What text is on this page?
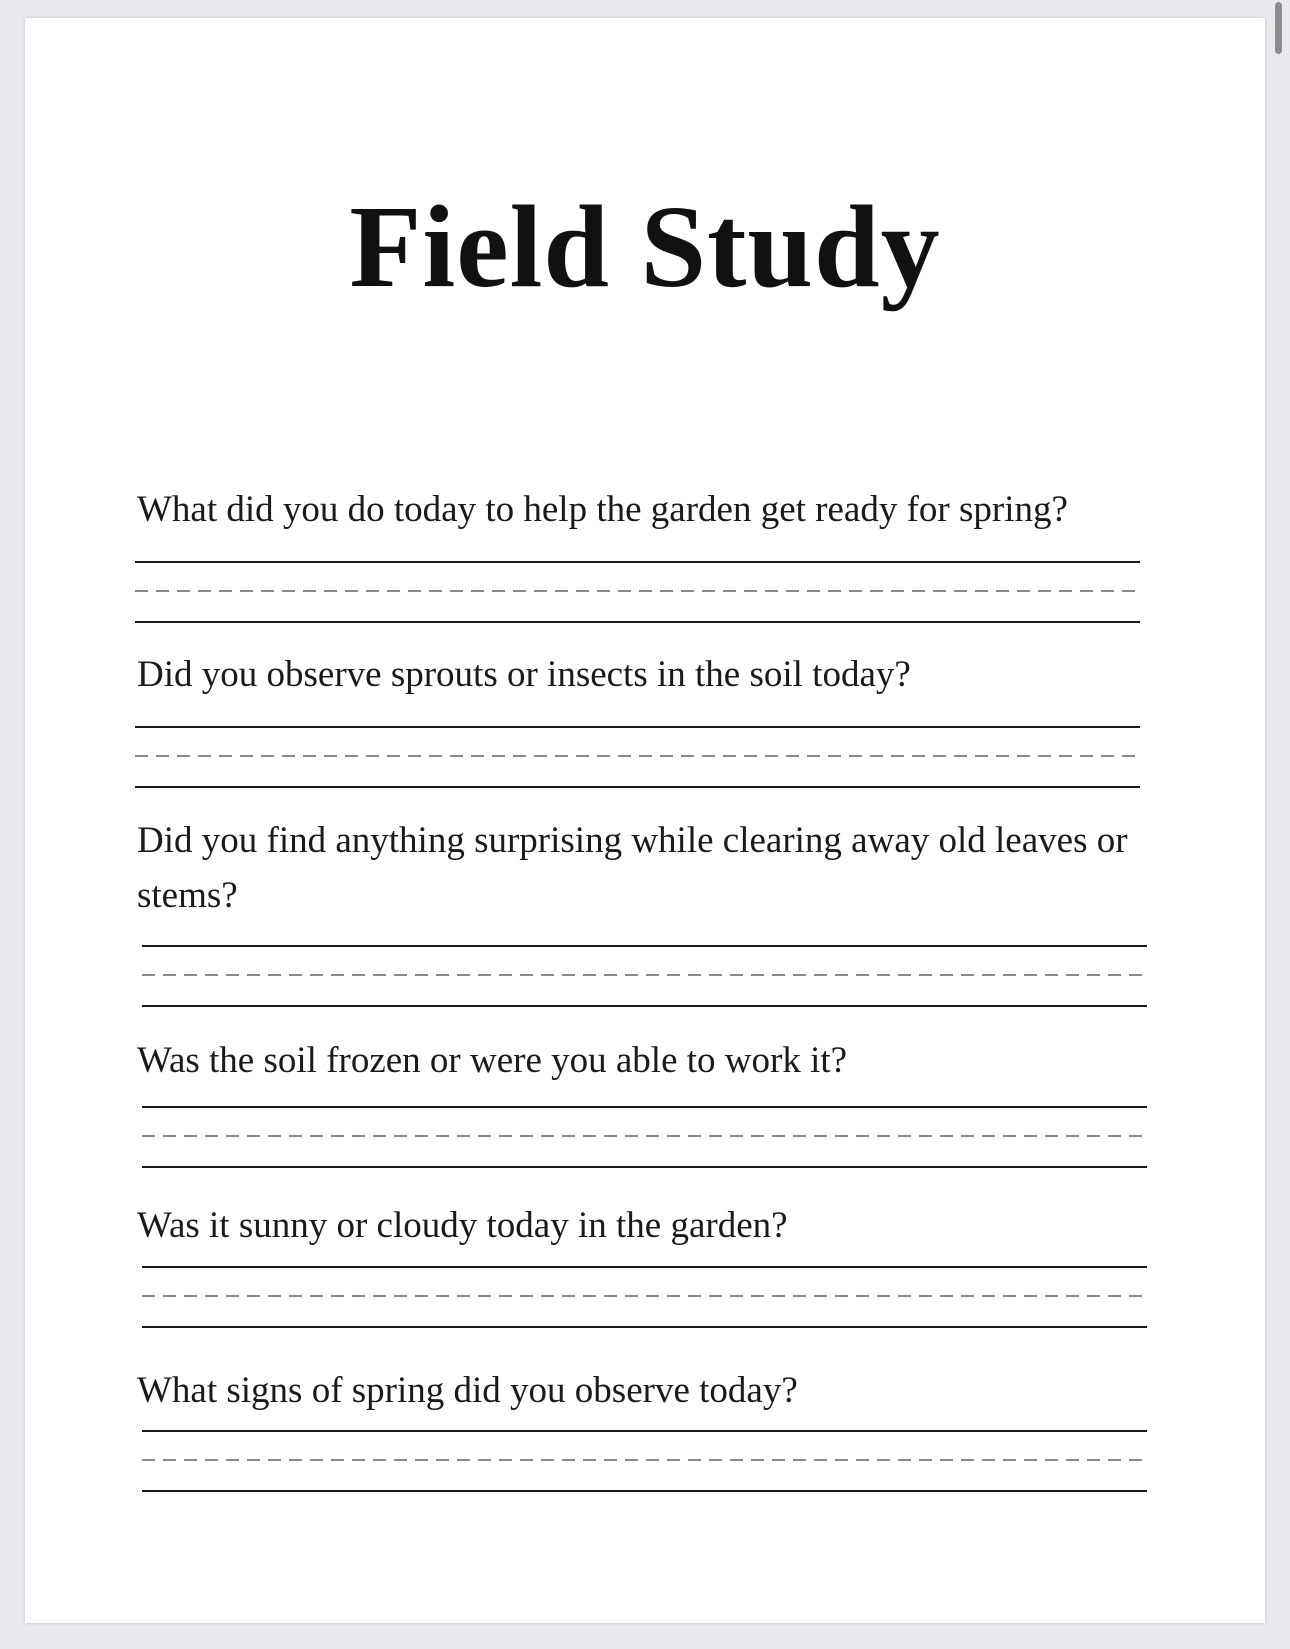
Field Study
What did you do today to help the garden get ready for spring?
Did you observe sprouts or insects in the soil today?
Did you find anything surprising while clearing away old leaves or stems?
Was the soil frozen or were you able to work it?
Was it sunny or cloudy today in the garden?
What signs of spring did you observe today?
